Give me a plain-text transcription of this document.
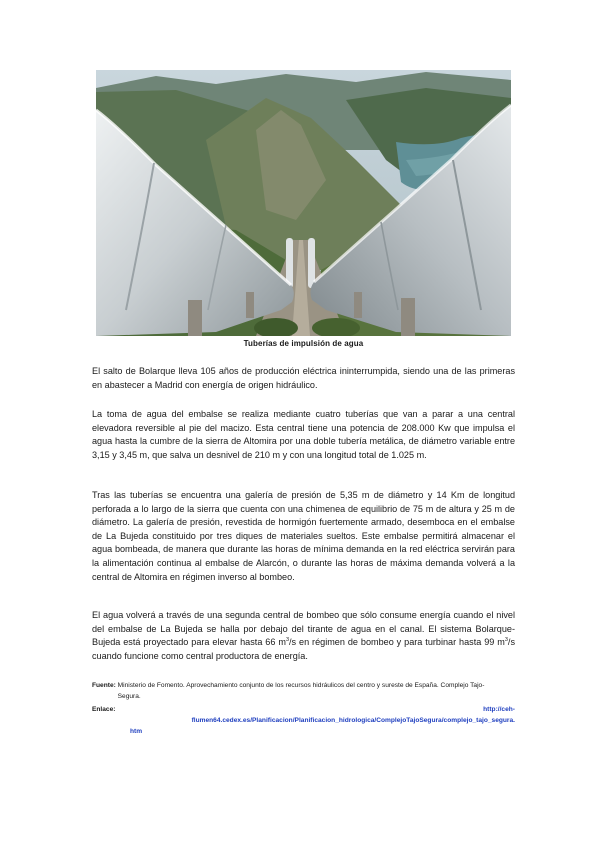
Tuberías de impulsión de agua

El salto de Bolarque lleva 105 años de producción eléctrica ininterrumpida, siendo una de las primeras en abastecer a Madrid con energía de origen hidráulico.

La toma de agua del embalse se realiza mediante cuatro tuberías que van a parar a una central elevadora reversible al pie del macizo. Esta central tiene una potencia de 208.000 Kw que impulsa el agua hasta la cumbre de la sierra de Altomira por una doble tubería metálica, de diámetro variable entre 3,15 y 3,45 m, que salva un desnivel de 210 m y con una longitud total de 1.025 m.

Tras las tuberías se encuentra una galería de presión de 5,35 m de diámetro y 14 Km de longitud perforada a lo largo de la sierra que cuenta con una chimenea de equilibrio de 75 m de altura y 25 m de diámetro. La galería de presión, revestida de hormigón fuertemente armado, desemboca en el embalse de La Bujeda constituido por tres diques de materiales sueltos. Este embalse permitirá almacenar el agua bombeada, de manera que durante las horas de mínima demanda en la red eléctrica servirán para la alimentación continua al embalse de Alarcón, o durante las horas de máxima demanda volverá a la central de Altomira en régimen inverso al bombeo.

El agua volverá a través de una segunda central de bombeo que sólo consume energía cuando el nivel del embalse de La Bujeda se halla por debajo del tirante de agua en el canal. El sistema Bolarque-Bujeda está proyectado para elevar hasta 66 $m^3/s$ en régimen de bombeo y para turbinar hasta 99 $m^3/s$ cuando funcione como central productora de energía.

Fuente: Ministerio de Fomento. Aprovechamiento conjunto de los recursos hidráulicos del centro y sureste de España. Complejo Tajo-Segura.
Enlace:	http://ceh-
flumen64.cedex.es/Planificacion/Planificacion_hidrologica/ComplejoTajoSegura/complejo_tajo_segura.
htm
